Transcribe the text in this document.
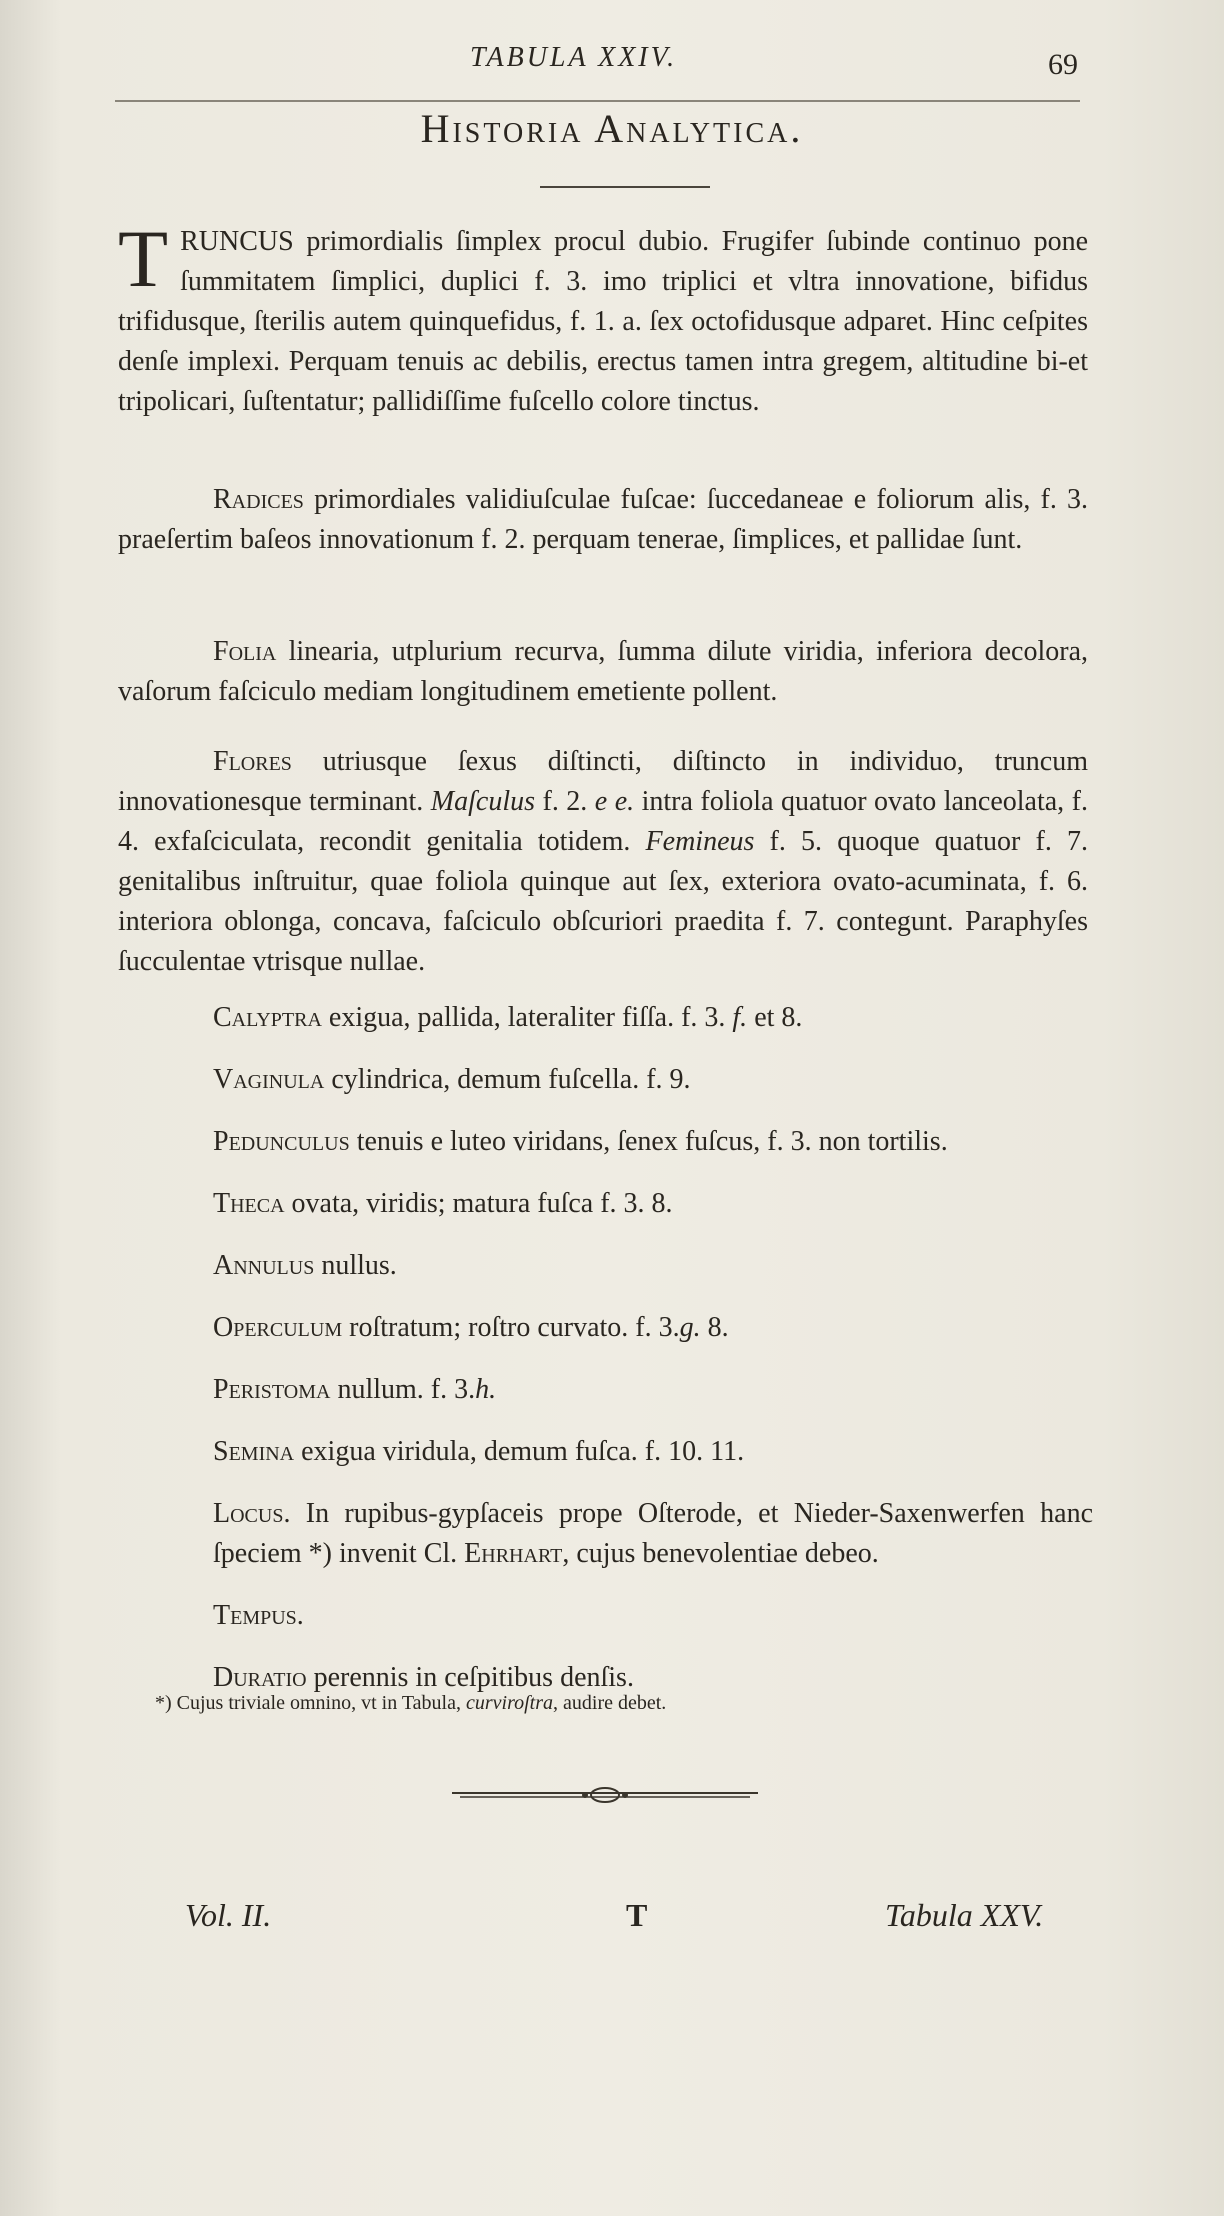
TABULA XXIV.	69
Historia Analytica.
TRUNCUS primordialis ſimplex procul dubio. Frugifer ſubinde continuo pone ſummitatem ſimplici, duplici f. 3. imo triplici et vltra innovatione, bifidus trifidusque, ſterilis autem quinquefidus, f. 1. a. ſex octofidusque adparet. Hinc ceſpites denſe implexi. Perquam tenuis ac debilis, erectus tamen intra gregem, altitudine bi-et tripolicari, ſuſtentatur; pallidiſſime fuſcello colore tinctus.
Radices primordiales validiuſculae fuſcae: ſuccedaneae e foliorum alis, f. 3. praeſertim baſeos innovationum f. 2. perquam tenerae, ſimplices, et pallidae ſunt.
Folia linearia, utplurium recurva, ſumma dilute viridia, inferiora decolora, vaſorum faſciculo mediam longitudinem emetiente pollent.
Flores utriusque ſexus diſtincti, diſtincto in individuo, truncum innovationesque terminant. Maſculus f. 2. e e. intra foliola quatuor ovato lanceolata, f. 4. exfaſciculata, recondit genitalia totidem. Femineus f. 5. quoque quatuor f. 7. genitalibus inſtruitur, quae foliola quinque aut ſex, exteriora ovato-acuminata, f. 6. interiora oblonga, concava, faſciculo obſcuriori praedita f. 7. contegunt. Paraphyſes ſucculentae vtrisque nullae.
Calyptra exigua, pallida, lateraliter fiſſa. f. 3. f. et 8.
Vaginula cylindrica, demum fuſcella. f. 9.
Pedunculus tenuis e luteo viridans, ſenex fuſcus, f. 3. non tortilis.
Theca ovata, viridis; matura fuſca f. 3. 8.
Annulus nullus.
Operculum roſtratum; roſtro curvato. f. 3.g. 8.
Peristoma nullum. f. 3.h.
Semina exigua viridula, demum fuſca. f. 10. 11.
Locus. In rupibus-gypſaceis prope Oſterode, et Nieder-Saxenwerfen hanc ſpeciem *) invenit Cl. Ehrhart, cujus benevolentiae debeo.
Tempus.
Duratio perennis in ceſpitibus denſis.
*) Cujus triviale omnino, vt in Tabula, curviroſtra, audire debet.
Vol. II.	T	Tabula XXV.
